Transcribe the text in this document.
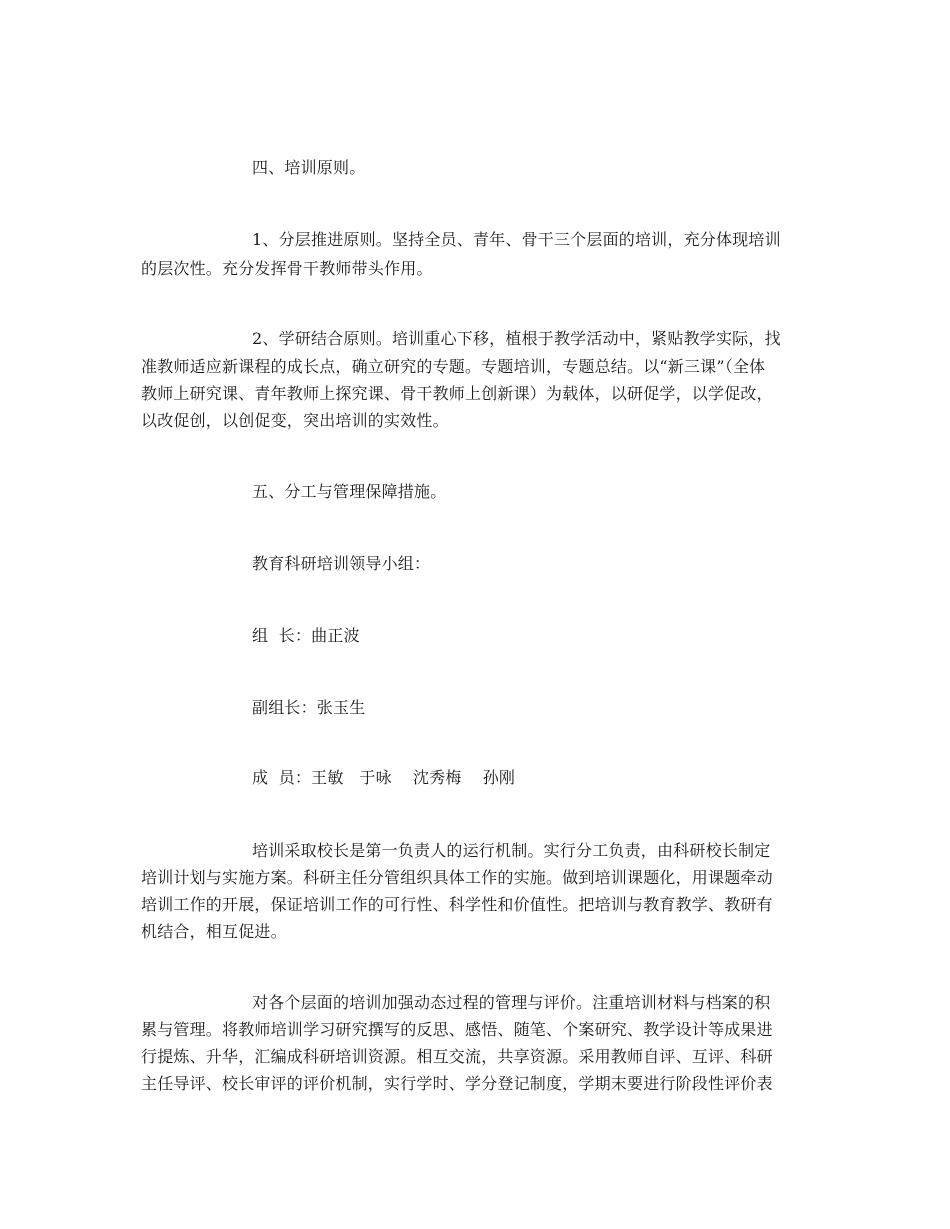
四、培训原则。
1、分层推进原则。坚持全员、青年、骨干三个层面的培训，充分体现培训
的层次性。充分发挥骨干教师带头作用。
2、学研结合原则。培训重心下移，植根于教学活动中，紧贴教学实际，找
准教师适应新课程的成长点，确立研究的专题。专题培训，专题总结。以“新三课”（全体
教师上研究课、青年教师上探究课、骨干教师上创新课）为载体，以研促学，以学促改，
以改促创，以创促变，突出培训的实效性。
五、分工与管理保障措施。
教育科研培训领导小组：
组  长：曲正波
副组长：张玉生
成  员：王敏   于咏    沈秀梅    孙刚
培训采取校长是第一负责人的运行机制。实行分工负责，由科研校长制定
培训计划与实施方案。科研主任分管组织具体工作的实施。做到培训课题化，用课题牵动
培训工作的开展，保证培训工作的可行性、科学性和价值性。把培训与教育教学、教研有
机结合，相互促进。
对各个层面的培训加强动态过程的管理与评价。注重培训材料与档案的积
累与管理。将教师培训学习研究撰写的反思、感悟、随笔、个案研究、教学设计等成果进
行提炼、升华，汇编成科研培训资源。相互交流，共享资源。采用教师自评、互评、科研
主任导评、校长审评的评价机制，实行学时、学分登记制度，学期末要进行阶段性评价表
